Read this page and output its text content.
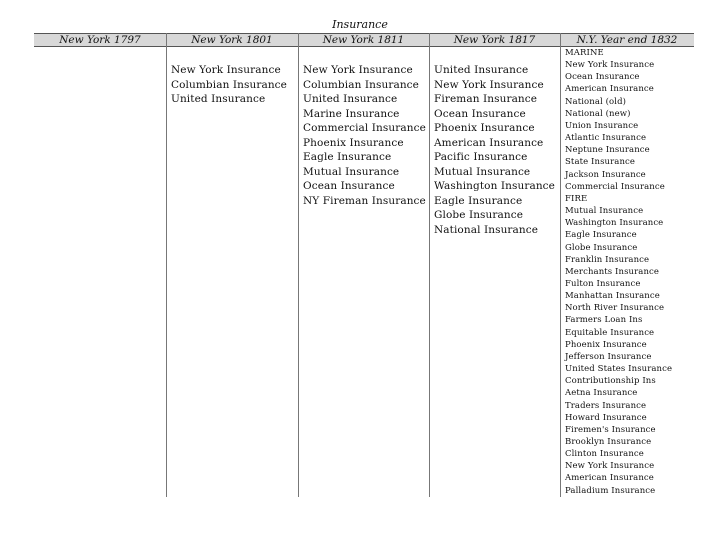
Insurance
New York 1797	New York 1801
New York Insurance
Columbian Insurance
United Insurance
New York 1811
New York Insurance
Columbian Insurance
United Insurance
Marine Insurance
Commercial Insurance
Phoenix Insurance
Eagle Insurance
Mutual Insurance
Ocean Insurance
NY Fireman Insurance
New York 1817
United Insurance
New York Insurance
Fireman Insurance
Ocean Insurance
Phoenix Insurance
American Insurance
Pacific Insurance
Mutual Insurance
Washington Insurance
Eagle Insurance
Globe Insurance
National Insurance
N.Y. Year end 1832
MARINE
New York Insurance
Ocean Insurance
American Insurance
National (old)
National (new)
Union Insurance
Atlantic Insurance
Neptune Insurance
State Insurance
Jackson Insurance
Commercial Insurance
FIRE
Mutual Insurance
Washington Insurance
Eagle Insurance
Globe Insurance
Franklin Insurance
Merchants Insurance
Fulton Insurance
Manhattan Insurance
North River Insurance
Farmers Loan Ins
Equitable Insurance
Phoenix Insurance
Jefferson Insurance
United States Insurance
Contributionship Ins
Aetna Insurance
Traders Insurance
Howard Insurance
Firemen's Insurance
Brooklyn Insurance
Clinton Insurance
New York Insurance
American Insurance
Palladium Insurance
